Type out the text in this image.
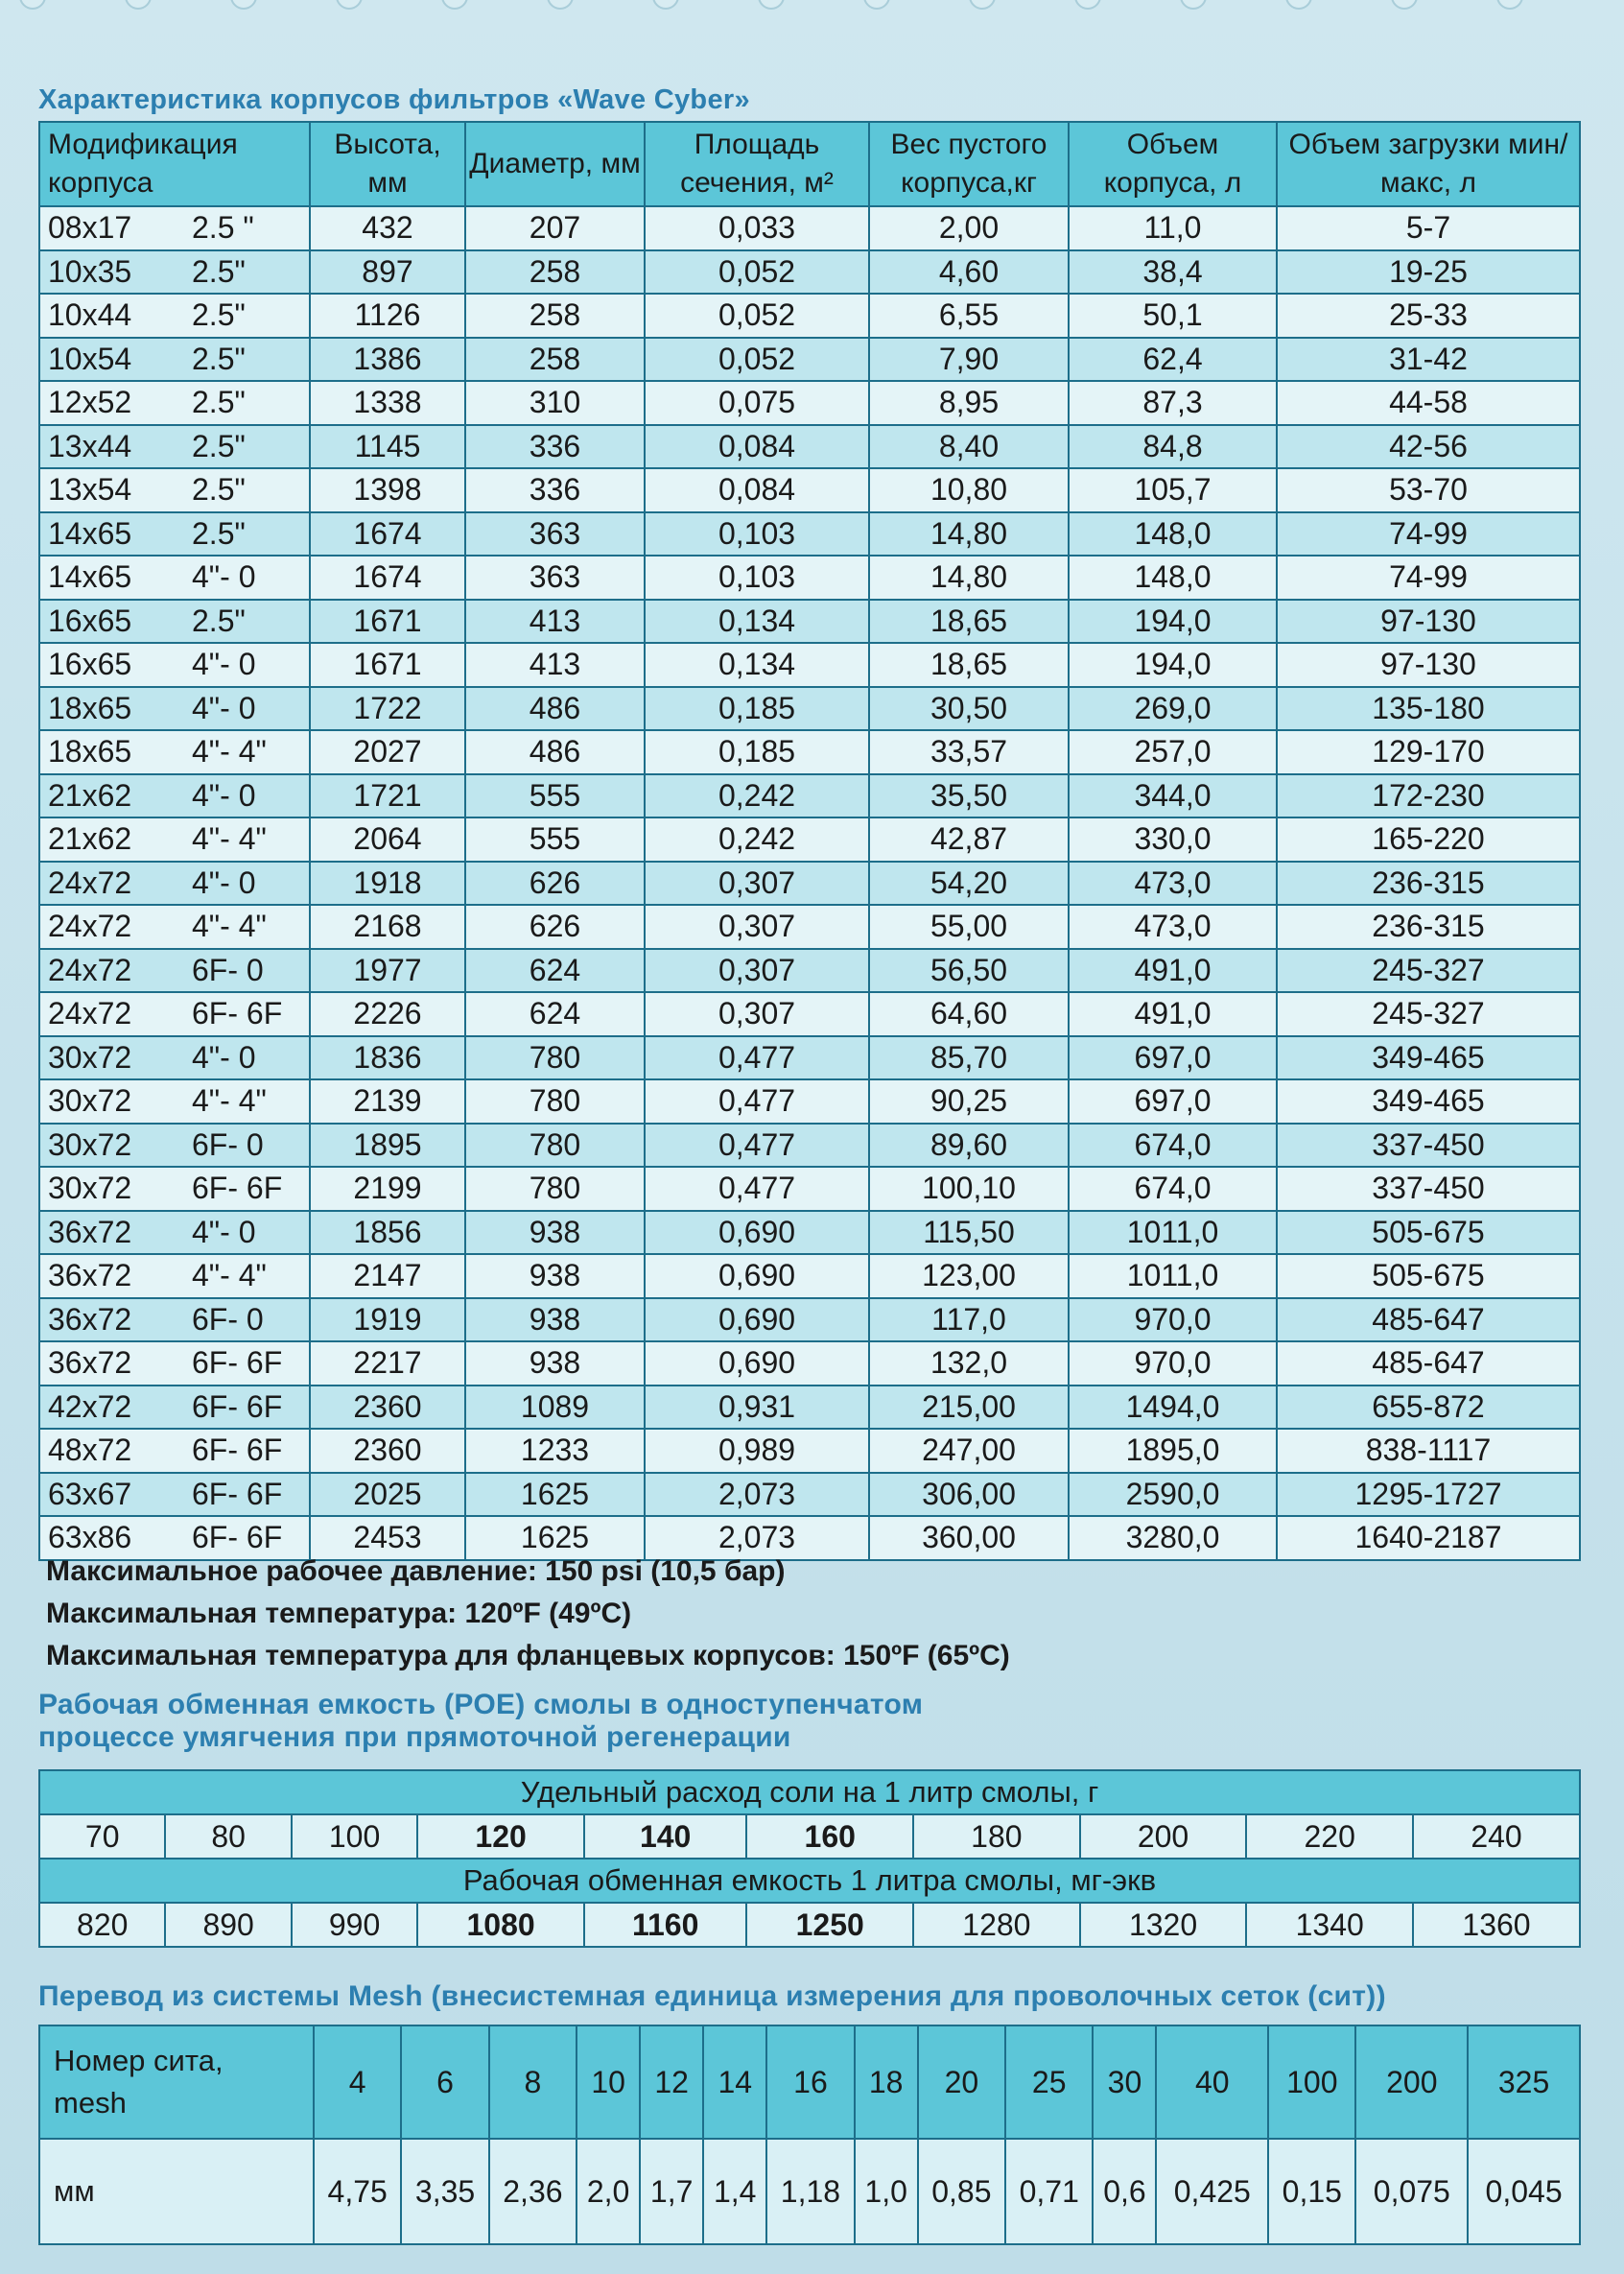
Характеристика корпусов фильтров «Wave Cyber»
Модификация корпуса	Высота, мм	Диаметр, мм	Площадь сечения, м²	Вес пустого корпуса,кг	Объем корпуса, л	Объем загрузки мин/макс, л
08x17 2.5 "	432	207	0,033	2,00	11,0	5-7
10x35 2.5"	897	258	0,052	4,60	38,4	19-25
10x44 2.5"	1126	258	0,052	6,55	50,1	25-33
10x54 2.5"	1386	258	0,052	7,90	62,4	31-42
12x52 2.5"	1338	310	0,075	8,95	87,3	44-58
13x44 2.5"	1145	336	0,084	8,40	84,8	42-56
13x54 2.5"	1398	336	0,084	10,80	105,7	53-70
14x65 2.5"	1674	363	0,103	14,80	148,0	74-99
14x65 4"- 0	1674	363	0,103	14,80	148,0	74-99
16x65 2.5"	1671	413	0,134	18,65	194,0	97-130
16x65 4"- 0	1671	413	0,134	18,65	194,0	97-130
18x65 4"- 0	1722	486	0,185	30,50	269,0	135-180
18x65 4"- 4"	2027	486	0,185	33,57	257,0	129-170
21x62 4"- 0	1721	555	0,242	35,50	344,0	172-230
21x62 4"- 4"	2064	555	0,242	42,87	330,0	165-220
24x72 4"- 0	1918	626	0,307	54,20	473,0	236-315
24x72 4"- 4"	2168	626	0,307	55,00	473,0	236-315
24x72 6F- 0	1977	624	0,307	56,50	491,0	245-327
24x72 6F- 6F	2226	624	0,307	64,60	491,0	245-327
30x72 4"- 0	1836	780	0,477	85,70	697,0	349-465
30x72 4"- 4"	2139	780	0,477	90,25	697,0	349-465
30x72 6F- 0	1895	780	0,477	89,60	674,0	337-450
30x72 6F- 6F	2199	780	0,477	100,10	674,0	337-450
36x72 4"- 0	1856	938	0,690	115,50	1011,0	505-675
36x72 4"- 4"	2147	938	0,690	123,00	1011,0	505-675
36x72 6F- 0	1919	938	0,690	117,0	970,0	485-647
36x72 6F- 6F	2217	938	0,690	132,0	970,0	485-647
42x72 6F- 6F	2360	1089	0,931	215,00	1494,0	655-872
48x72 6F- 6F	2360	1233	0,989	247,00	1895,0	838-1117
63x67 6F- 6F	2025	1625	2,073	306,00	2590,0	1295-1727
63x86 6F- 6F	2453	1625	2,073	360,00	3280,0	1640-2187
Максимальное рабочее давление: 150 psi (10,5 бар)
Максимальная температура: 120ºF (49ºC)
Максимальная температура для фланцевых корпусов: 150ºF (65ºC)
Рабочая обменная емкость (РОЕ) смолы в одноступенчатом
процессе умягчения при прямоточной регенерации
Удельный расход соли на 1 литр смолы, г									
70	80	100	120	140	160	180	200	220	240
Рабочая обменная емкость 1 литра смолы, мг-экв									
820	890	990	1080	1160	1250	1280	1320	1340	1360
Перевод из системы Mesh (внесистемная единица измерения для проволочных сеток (сит))
Номер сита,
mesh	4	6	8	10	12	14	16	18	20	25	30	40	100	200	325
мм	4,75	3,35	2,36	2,0	1,7	1,4	1,18	1,0	0,85	0,71	0,6	0,425	0,15	0,075	0,045
